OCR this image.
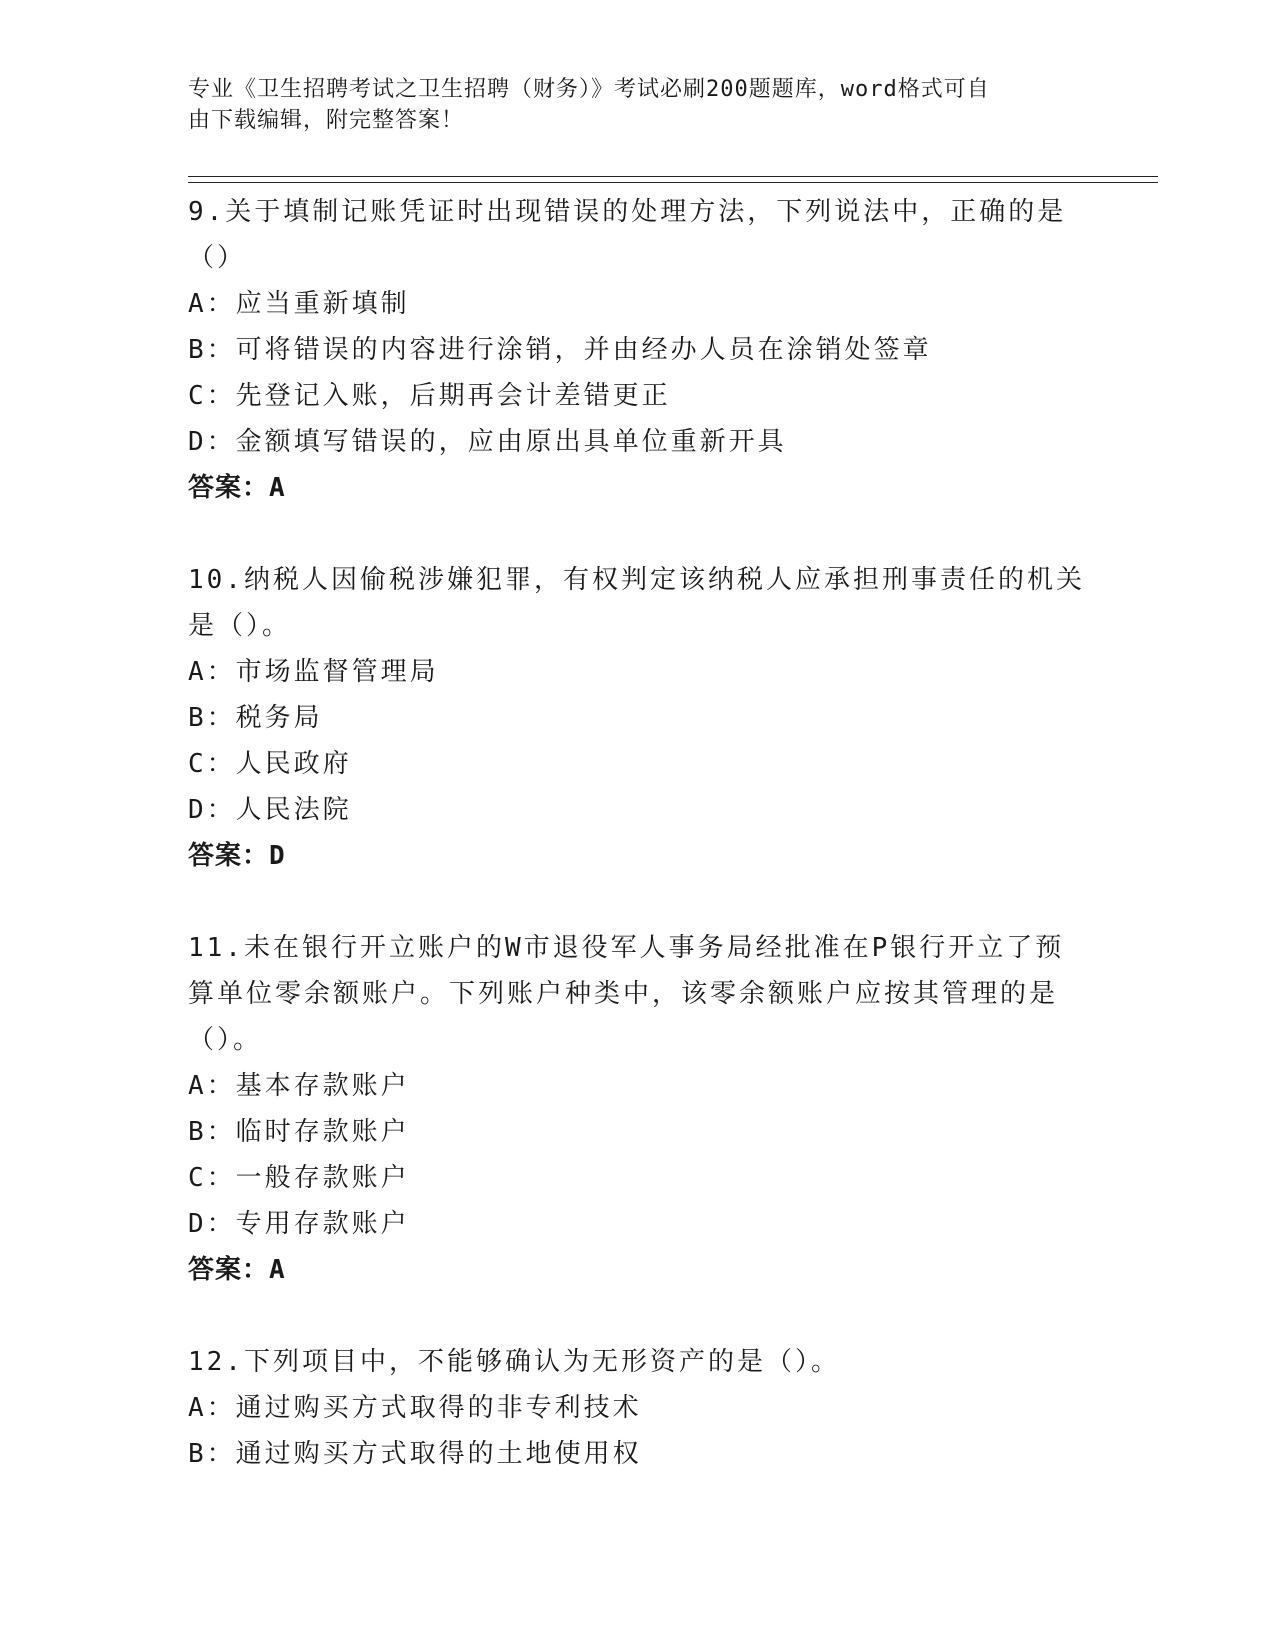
专业《卫生招聘考试之卫生招聘（财务）》考试必刷200题题库，word格式可自
由下载编辑，附完整答案！
9.关于填制记账凭证时出现错误的处理方法，下列说法中，正确的是
（）
A：应当重新填制
B：可将错误的内容进行涂销，并由经办人员在涂销处签章
C：先登记入账，后期再会计差错更正
D：金额填写错误的，应由原出具单位重新开具
答案：A
10.纳税人因偷税涉嫌犯罪，有权判定该纳税人应承担刑事责任的机关
是（）。
A：市场监督管理局
B：税务局
C：人民政府
D：人民法院
答案：D
11.未在银行开立账户的W市退役军人事务局经批准在P银行开立了预
算单位零余额账户。下列账户种类中，该零余额账户应按其管理的是
（）。
A：基本存款账户
B：临时存款账户
C：一般存款账户
D：专用存款账户
答案：A
12.下列项目中，不能够确认为无形资产的是（）。
A：通过购买方式取得的非专利技术
B：通过购买方式取得的土地使用权
